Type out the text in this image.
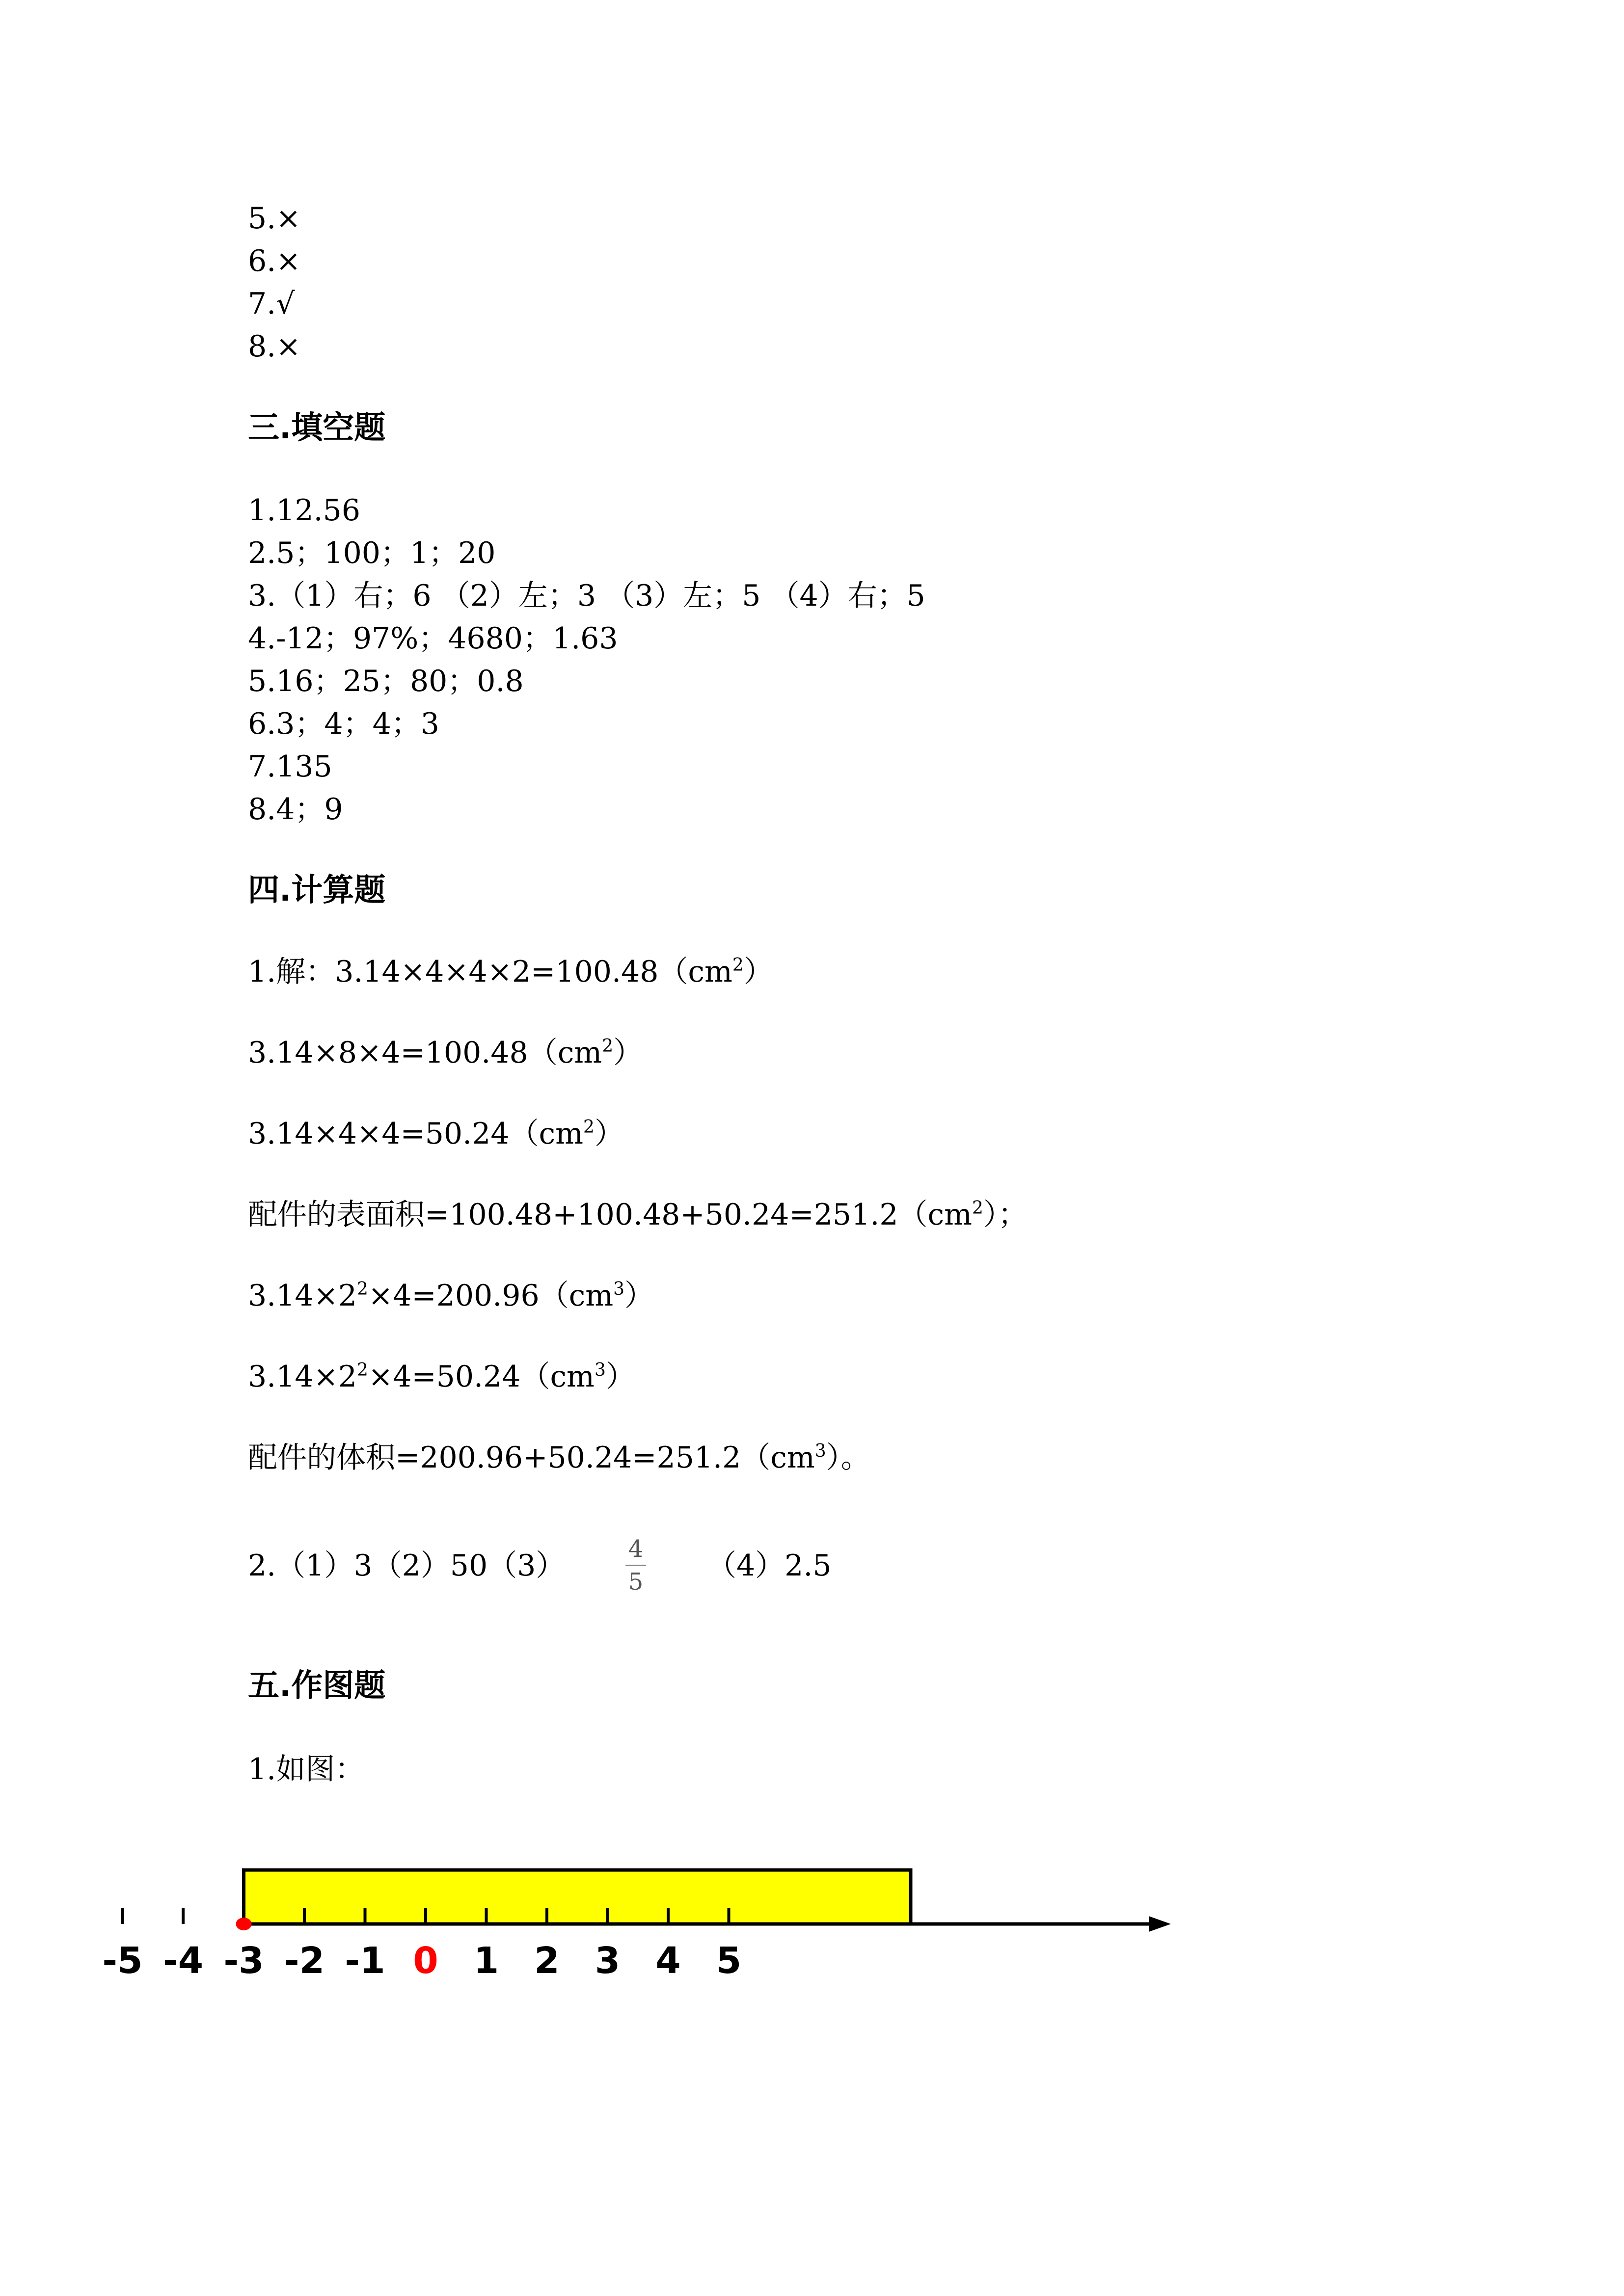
5.×
6.×
7.√
8.×
三.填空题
1.12.56
2.5；100；1；20
3.（1）右；6 （2）左；3 （3）左；5 （4）右；5
4.-12；97%；4680；1.63
5.16；25；80；0.8
6.3；4；4；3
7.135
8.4；9
四.计算题
1.解：$3.14\times 4\times 4\times 2=100.48(cm^2)$
$3.14\times 8\times 4=100.48(cm^2)$
$3.14\times 4\times 4=50.24(cm^2)$
配件的表面积$=100.48+100.48+50.24=251.2(cm^2)$；
$3.14\times 2^2\times 4=200.96(cm^3)$
$3.14\times 2^2\times 4=50.24(cm^3)$
配件的体积$=200.96+50.24=251.2(cm^3)$。
2.（1）3（2）50（3）	4
5 （4）2.5
五.作图题
1.如图：
-5 -4 -3 -2 -1 0 1 2 3 4 5
